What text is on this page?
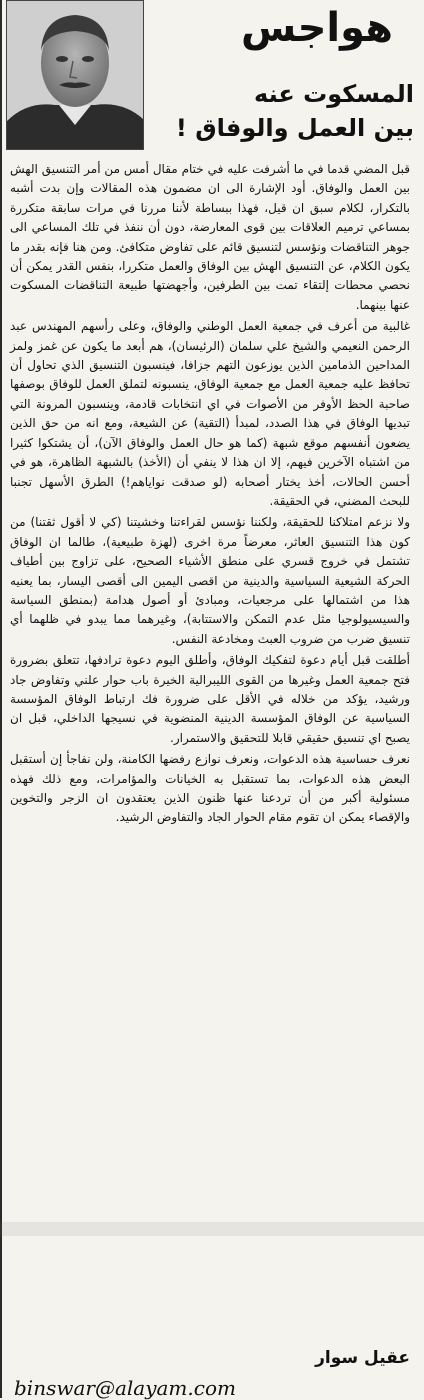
هواجس
المسكوت عنه
بين العمل والوفاق !

قبل المضي قدما في ما أشرفت عليه في ختام مقال أمس من أمر التنسيق الهش بين العمل والوفاق. أود الإشارة الى ان مضمون هذه المقالات وإن بدت أشبه بالتكرار، لكلام سبق ان قيل، فهذا ببساطة لأننا مررنا في مرات سابقة متكررة بمساعي ترميم العلاقات بين قوى المعارضة، دون أن ننفذ في تلك المساعي الى جوهر التناقضات ونؤسس لتنسيق قائم على تفاوض متكافئ. ومن هنا فإنه بقدر ما يكون الكلام، عن التنسيق الهش بين الوفاق والعمل متكررا، بنفس القدر يمكن أن نحصي محطات إلتقاء تمت بين الطرفين، وأجهضتها طبيعة التناقضات المسكوت عنها بينهما.

غالبية من أعرف في جمعية العمل الوطني والوفاق، وعلى رأسهم المهندس عبد الرحمن النعيمي والشيخ علي سلمان (الرئيسان)، هم أبعد ما يكون عن غمز ولمز المداحين الذمامين الذين يوزعون التهم جزافا، فينسبون التنسيق الذي تحاول أن تحافظ عليه جمعية العمل مع جمعية الوفاق، ينسبونه لتملق العمل للوفاق بوصفها صاحبة الحظ الأوفر من الأصوات في اي انتخابات قادمة، وينسبون المرونة التي تبديها الوفاق في هذا الصدد، لمبدأ (التقية) عن الشيعة، ومع انه من حق الذين يضعون أنفسهم موقع شبهة (كما هو حال العمل والوفاق الآن)، أن يشتكوا كثيرا من اشتباه الآخرين فيهم، إلا ان هذا لا ينفي أن (الأخذ) بالشبهة الظاهرة، هو في أحسن الحالات، أخذ يختار أصحابه (لو صدقت نواياهم!) الطرق الأسهل تجنبا للبحث المضني، في الحقيقة.

ولا نزعم امتلاكنا للحقيقة، ولكننا نؤسس لقراءتنا وخشيتنا (كي لا أقول ثقتنا) من كون هذا التنسيق العاثر، معرضاً مرة اخرى (لهزة طبيعية)، طالما ان الوفاق تشتمل في خروج قسري على منطق الأشياء الصحيح، على تزاوج بين أطياف الحركة الشيعية السياسية والدينية من اقصى اليمين الى أقصى اليسار، بما يعنيه هذا من اشتمالها على مرجعيات، ومبادئ أو أصول هدامة (بمنطق السياسة والسيسيولوجيا مثل عدم التمكن والاستتابة)، وغيرهما مما يبدو في ظلهما أي تنسيق ضرب من ضروب العبث ومخادعة النفس.

أطلقت قبل أيام دعوة لتفكيك الوفاق، وأطلق اليوم دعوة ترادفها، تتعلق بضرورة فتح جمعية العمل وغيرها من القوى الليبرالية الخيرة باب حوار علني وتفاوض جاد ورشيد، يؤكد من خلاله في الأقل على ضرورة فك ارتباط الوفاق المؤسسة السياسية عن الوفاق المؤسسة الدينية المنضوية في نسيجها الداخلي، قبل ان يصبح اي تنسيق حقيقي قابلا للتحقيق والاستمرار.

نعرف حساسية هذه الدعوات، ونعرف نوازع رفضها الكامنة، ولن نفاجأ إن أستقبل البعض هذه الدعوات، بما تستقبل به الخيانات والمؤامرات، ومع ذلك فهذه مسئولية أكبر من أن تردعنا عنها ظنون الذين يعتقدون ان الزجر والتخوين والإقصاء يمكن ان تقوم مقام الحوار الجاد والتفاوض الرشيد.

عقيل سوار
binswar@alayam.com
